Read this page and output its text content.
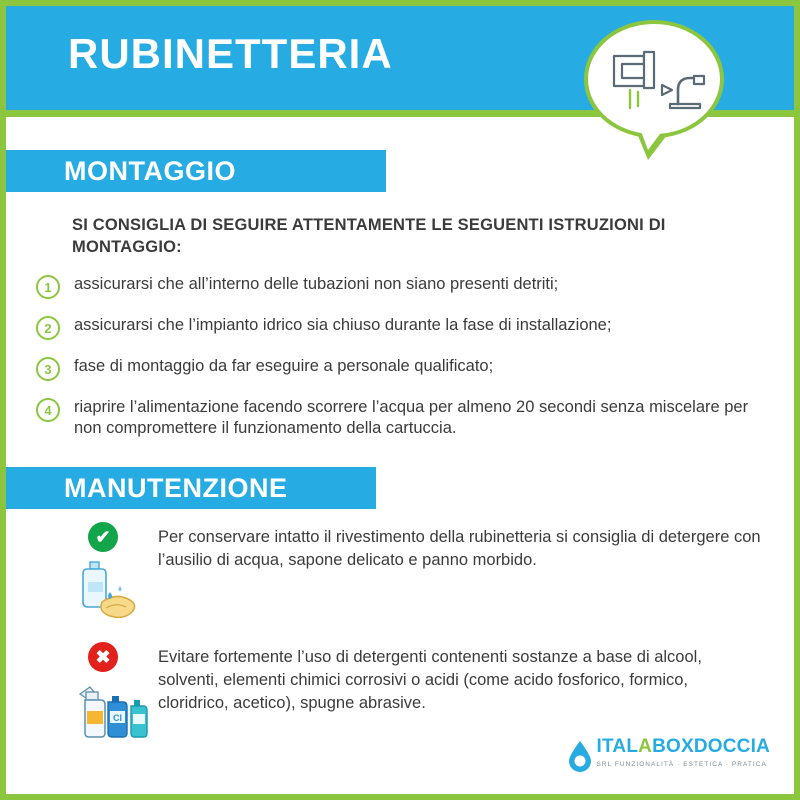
RUBINETTERIA
MONTAGGIO
SI CONSIGLIA DI SEGUIRE ATTENTAMENTE LE SEGUENTI ISTRUZIONI DI MONTAGGIO:
1	assicurarsi che all’interno delle tubazioni non siano presenti detriti;
2	assicurarsi che l’impianto idrico sia chiuso durante la fase di installazione;
3	fase di montaggio da far eseguire a personale qualificato;
4	riaprire l’alimentazione facendo scorrere l’acqua per almeno 20 secondi senza miscelare per non compromettere il funzionamento della cartuccia.
MANUTENZIONE
✔	Per conservare intatto il rivestimento della rubinetteria si consiglia di detergere con l’ausilio di acqua, sapone delicato e panno morbido.
✖
Cl
Evitare fortemente l’uso di detergenti contenenti sostanze a base di alcool, solventi, elementi chimici corrosivi o acidi (come acido fosforico, formico, cloridrico, acetico), spugne abrasive.
ITALABOXDOCCIA
SRL FUNZIONALITÀ · ESTETICA · PRATICA
